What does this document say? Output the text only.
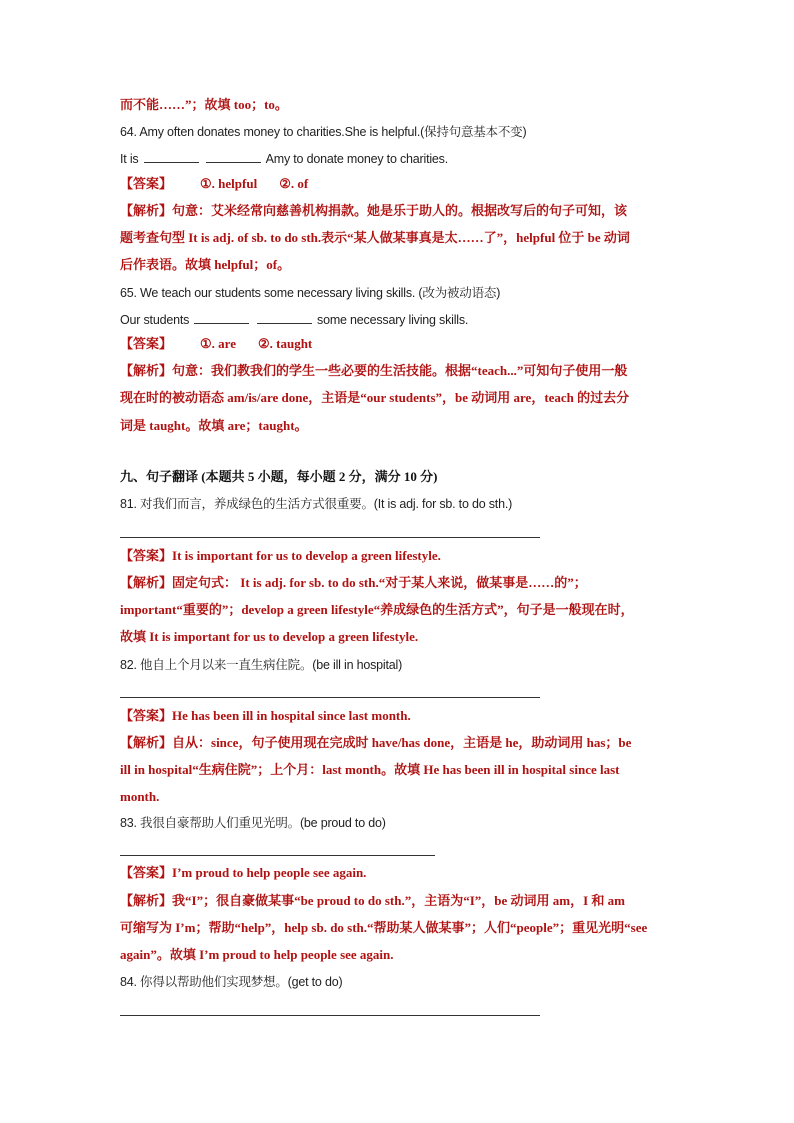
而不能……”；故填 too；to。
64. Amy often donates money to charities.She is helpful.(保持句意基本不变)
It is	Amy to donate money to charities.
【答案】 ①. helpful ②. of
【解析】句意：艾米经常向慈善机构捐款。她是乐于助人的。根据改写后的句子可知，该
题考查句型 It is adj. of sb. to do sth.表示“某人做某事真是太……了”，helpful 位于 be 动词
后作表语。故填 helpful；of。
65. We teach our students some necessary living skills. (改为被动语态)
Our students	some necessary living skills.
【答案】 ①. are ②. taught
【解析】句意：我们教我们的学生一些必要的生活技能。根据“teach...”可知句子使用一般
现在时的被动语态 am/is/are done，主语是“our students”，be 动词用 are，teach 的过去分
词是 taught。故填 are；taught。
九、句子翻译 (本题共 5 小题，每小题 2 分，满分 10 分)
81. 对我们而言，养成绿色的生活方式很重要。(It is adj. for sb. to do sth.)
【答案】It is important for us to develop a green lifestyle.
【解析】固定句式： It is adj. for sb. to do sth.“对于某人来说，做某事是……的”；
important“重要的”；develop a green lifestyle“养成绿色的生活方式”，句子是一般现在时，
故填 It is important for us to develop a green lifestyle.
82. 他自上个月以来一直生病住院。(be ill in hospital)
【答案】He has been ill in hospital since last month.
【解析】自从：since，句子使用现在完成时 have/has done，主语是 he，助动词用 has；be
ill in hospital“生病住院”；上个月：last month。故填 He has been ill in hospital since last
month.
83. 我很自豪帮助人们重见光明。(be proud to do)
【答案】I’m proud to help people see again.
【解析】我“I”；很自豪做某事“be proud to do sth.”，主语为“I”，be 动词用 am，I 和 am
可缩写为 I’m；帮助“help”，help sb. do sth.“帮助某人做某事”；人们“people”；重见光明“see
again”。故填 I’m proud to help people see again.
84. 你得以帮助他们实现梦想。(get to do)
